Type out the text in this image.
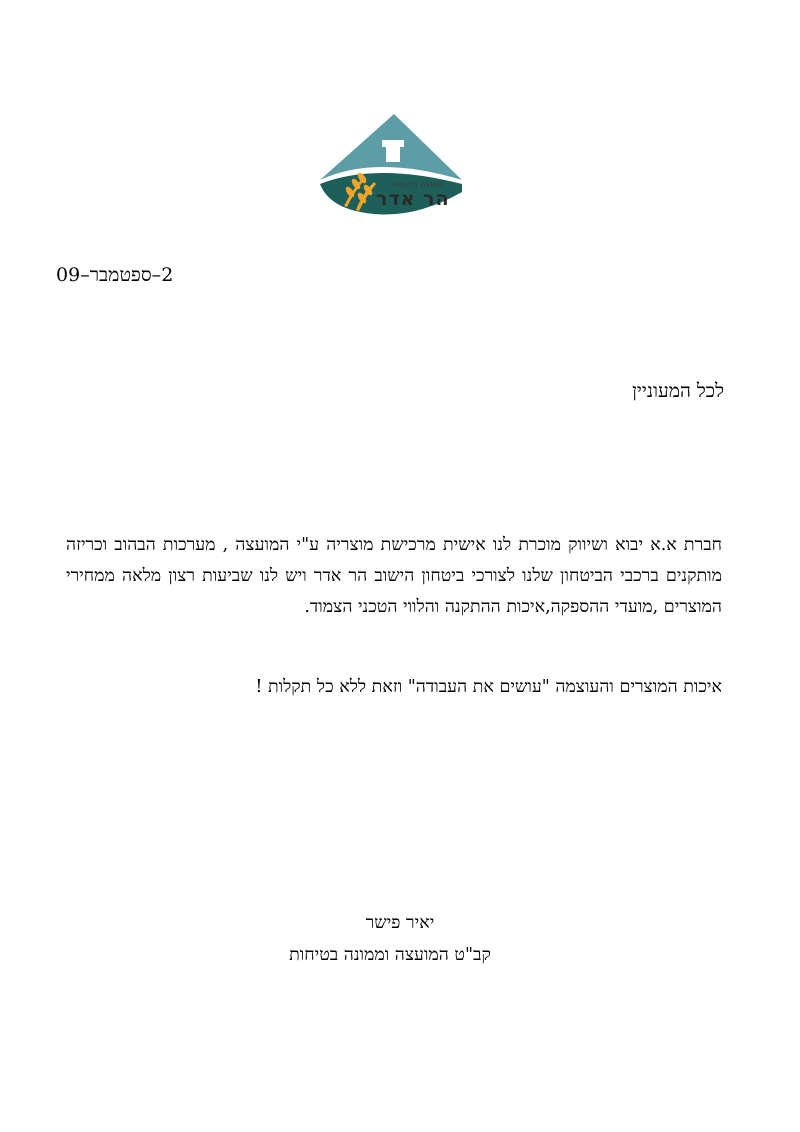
מועצה מקומית
הר אדר
2–ספטמבר–09
לכל המעוניין
חברת א.א יבוא ושיווק מוכרת לנו אישית מרכישת מוצריה ע"י המועצה , מערכות הבהוב וכריזה מותקנים ברכבי הביטחון שלנו לצורכי ביטחון הישוב הר אדר ויש לנו שביעות רצון מלאה ממחירי המוצרים ,מועדי ההספקה,איכות ההתקנה והלווי הטכני הצמוד.
איכות המוצרים והעוצמה "עושים את העבודה" וזאת ללא כל תקלות !
יאיר פישר
קב"ט המועצה וממונה בטיחות
